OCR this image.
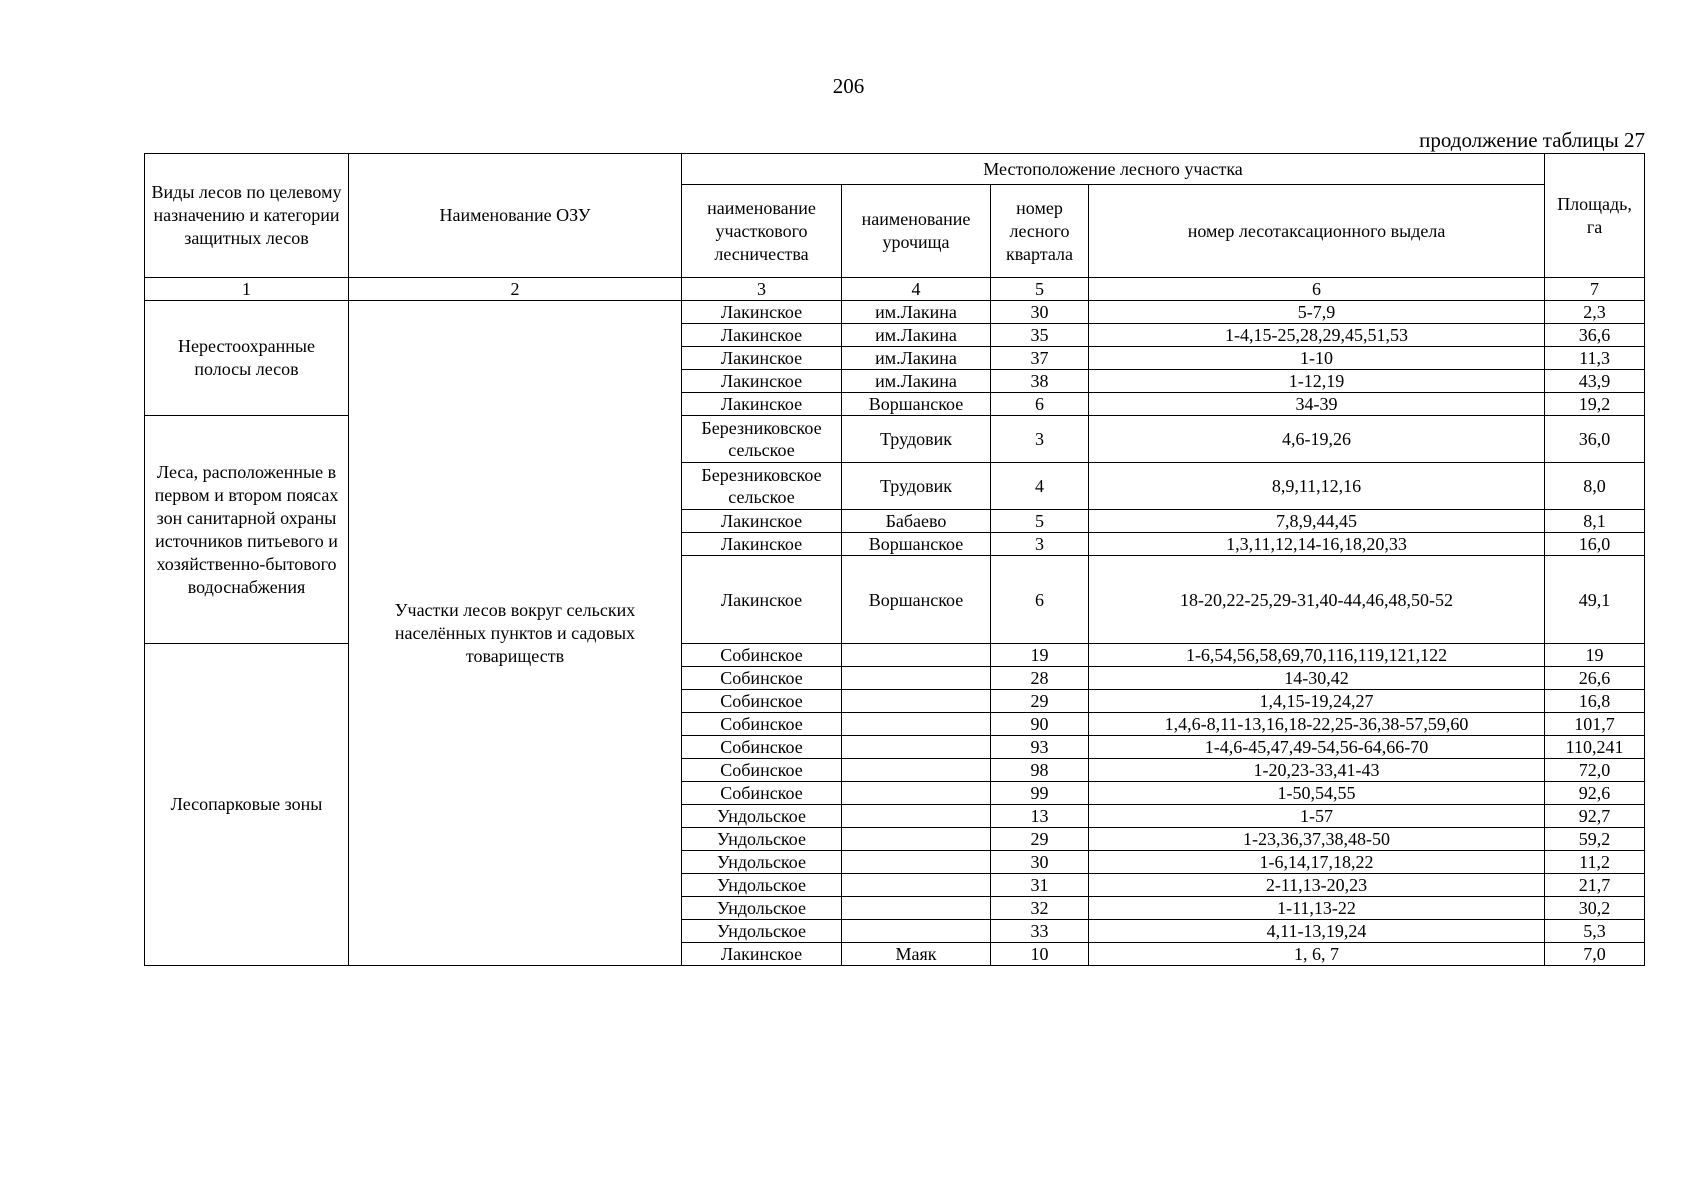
206
продолжение таблицы 27
Виды лесов по целевому назначению и категории защитных лесов	Наименование ОЗУ	Местоположение лесного участка				Площадь, га
		наименование участкового лесничества	наименование урочища	номер лесного квартала	номер лесотаксационного выдела	
1	2	3	4	5	6	7
Нерестоохранные полосы лесов	Участки лесов вокруг сельских населённых пунктов и садовых товариществ	Лакинское	им.Лакина	30	5-7,9	2,3
		Лакинское	им.Лакина	35	1-4,15-25,28,29,45,51,53	36,6
		Лакинское	им.Лакина	37	1-10	11,3
		Лакинское	им.Лакина	38	1-12,19	43,9
		Лакинское	Воршанское	6	34-39	19,2
Леса, расположенные в первом и втором поясах зон санитарной охраны источников питьевого и хозяйственно-бытового водоснабжения		Березниковское сельское	Трудовик	3	4,6-19,26	36,0
		Березниковское сельское	Трудовик	4	8,9,11,12,16	8,0
		Лакинское	Бабаево	5	7,8,9,44,45	8,1
		Лакинское	Воршанское	3	1,3,11,12,14-16,18,20,33	16,0
		Лакинское	Воршанское	6	18-20,22-25,29-31,40-44,46,48,50-52	49,1
Лесопарковые зоны		Собинское		19	1-6,54,56,58,69,70,116,119,121,122	19
		Собинское		28	14-30,42	26,6
		Собинское		29	1,4,15-19,24,27	16,8
		Собинское		90	1,4,6-8,11-13,16,18-22,25-36,38-57,59,60	101,7
		Собинское		93	1-4,6-45,47,49-54,56-64,66-70	110,241
		Собинское		98	1-20,23-33,41-43	72,0
		Собинское		99	1-50,54,55	92,6
		Ундольское		13	1-57	92,7
		Ундольское		29	1-23,36,37,38,48-50	59,2
		Ундольское		30	1-6,14,17,18,22	11,2
		Ундольское		31	2-11,13-20,23	21,7
		Ундольское		32	1-11,13-22	30,2
		Ундольское		33	4,11-13,19,24	5,3
		Лакинское	Маяк	10	1, 6, 7	7,0
